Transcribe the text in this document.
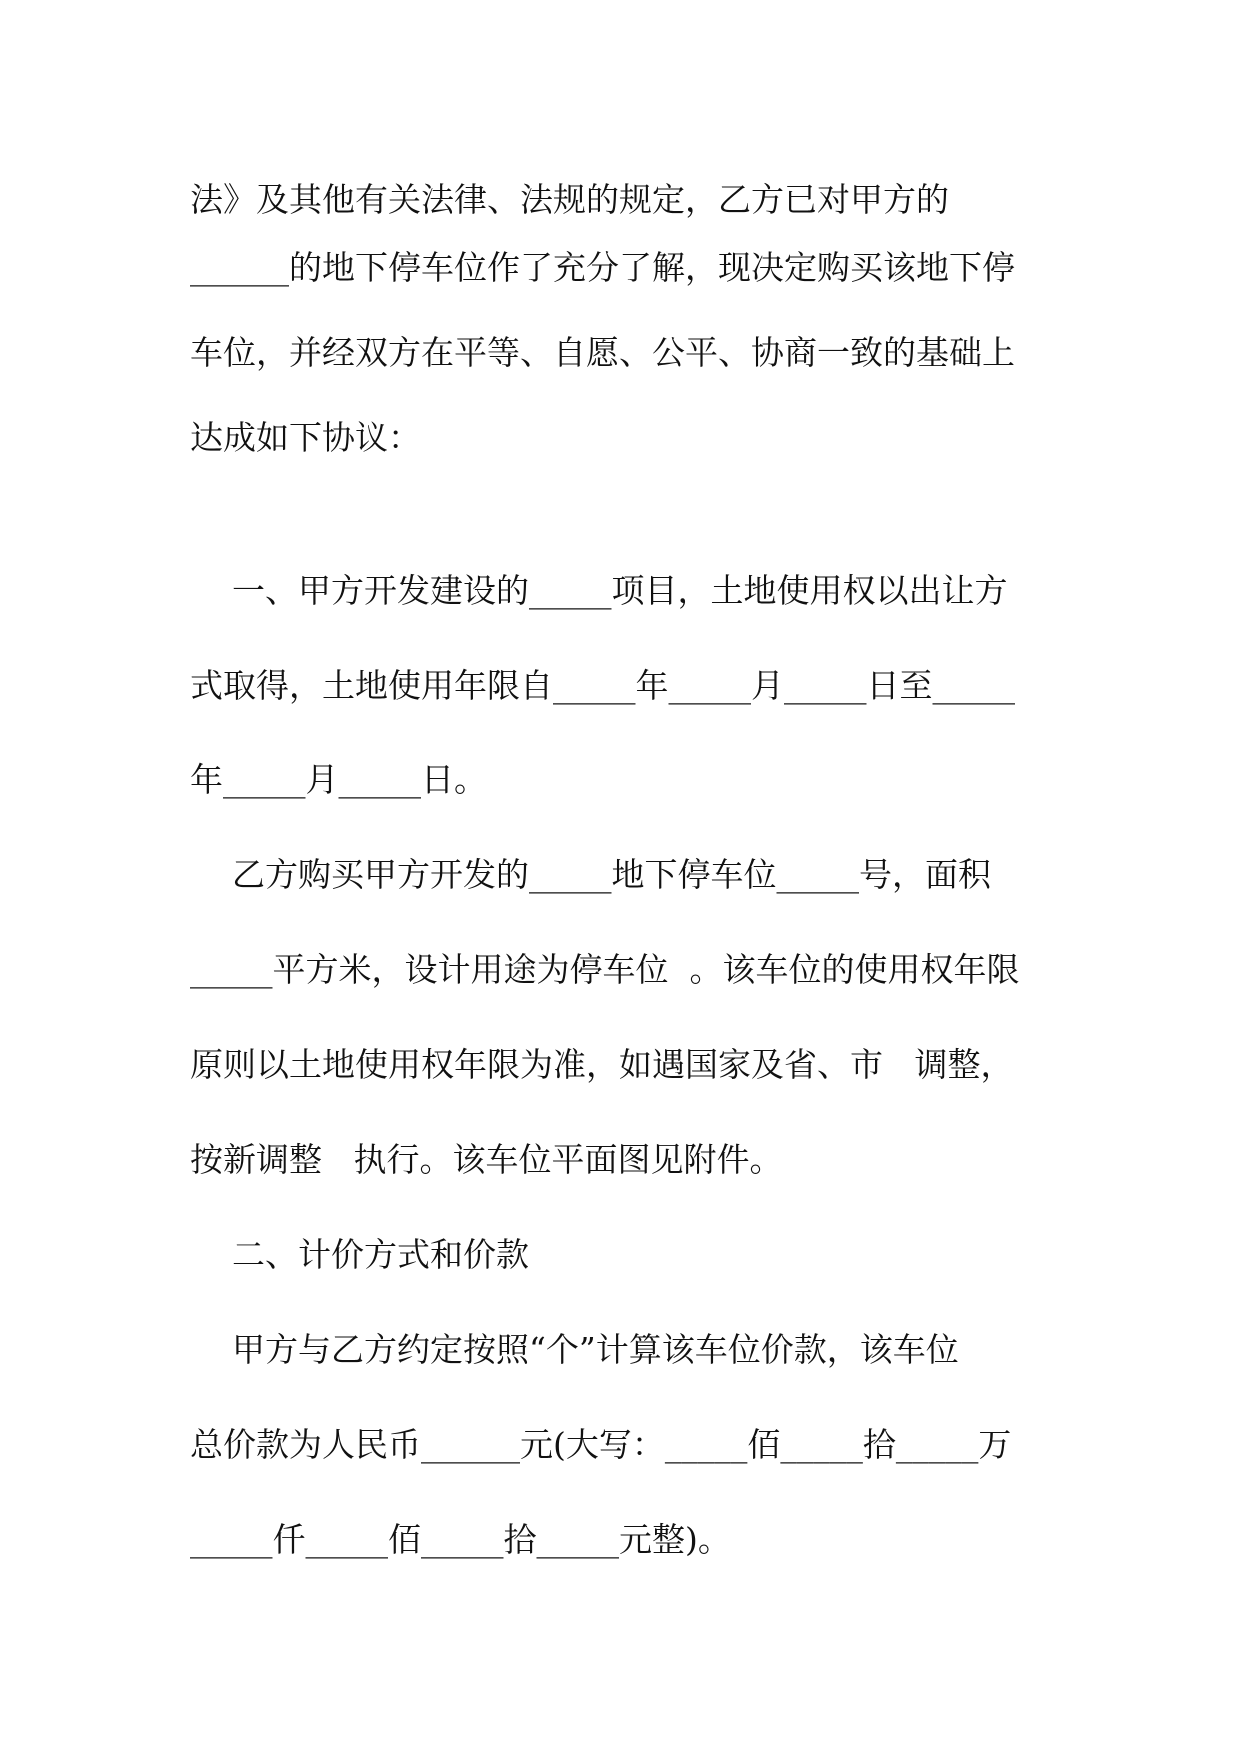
法》及其他有关法律、法规的规定，乙方已对甲方的

______的地下停车位作了充分了解，现决定购买该地下停

车位，并经双方在平等、自愿、公平、协商一致的基础上

达成如下协议：

一、甲方开发建设的_____项目，土地使用权以出让方

式取得，土地使用年限自_____年_____月_____日至_____

年_____月_____日。

乙方购买甲方开发的_____地下停车位_____号，面积

_____平方米，设计用途为停车位  。该车位的使用权年限

原则以土地使用权年限为准，如遇国家及省、市   调整，

按新调整   执行。该车位平面图见附件。

二、计价方式和价款

甲方与乙方约定按照“个”计算该车位价款，该车位

总价款为人民币______元(大写：_____佰_____拾_____万

_____仟_____佰_____拾_____元整)。
